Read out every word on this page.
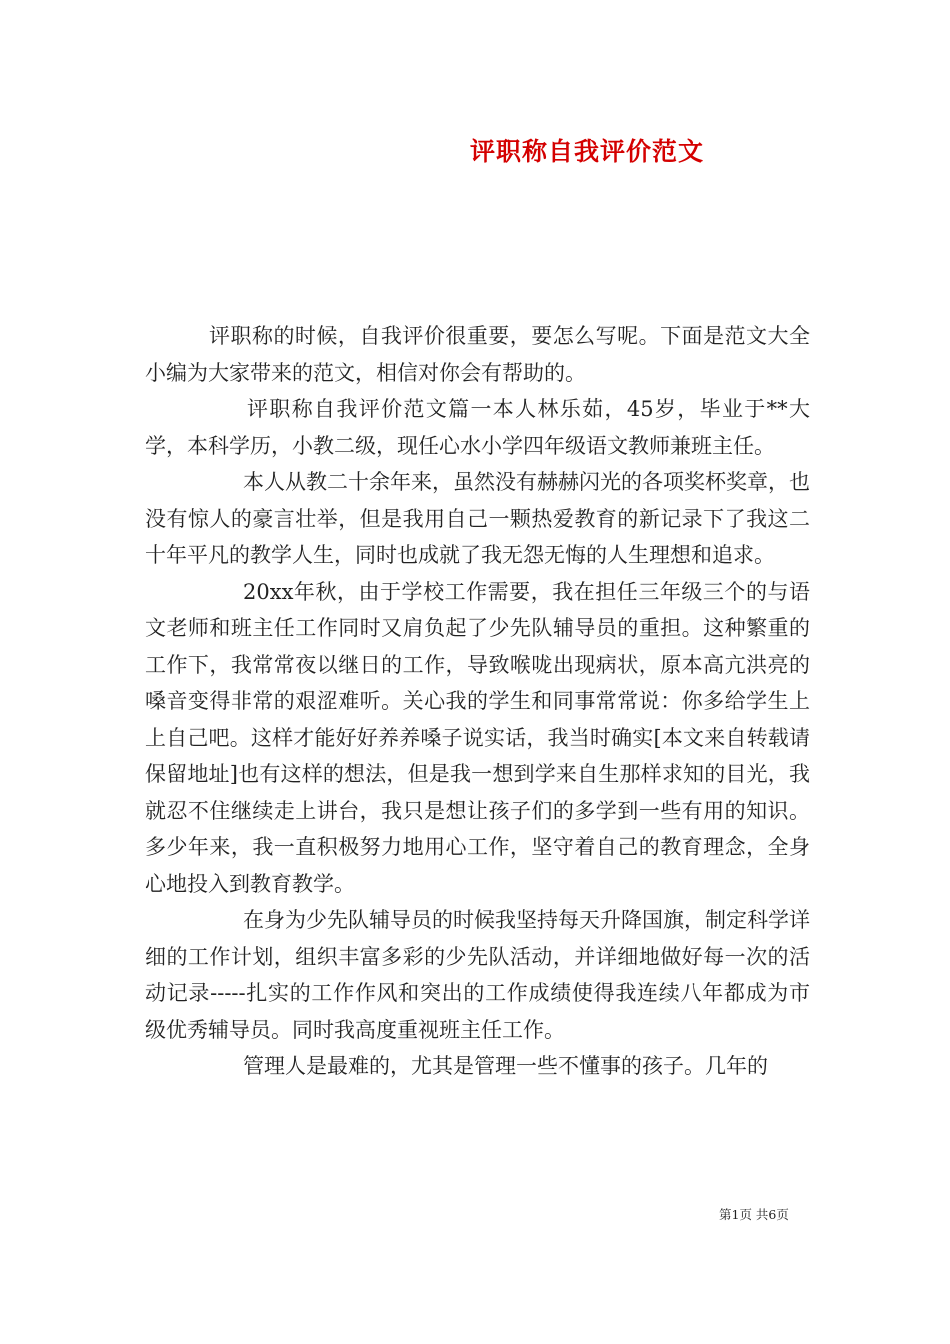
评职称自我评价范文

评职称的时候，自我评价很重要，要怎么写呢。下面是范文大全小编为大家带来的范文，相信对你会有帮助的。

评职称自我评价范文篇一本人林乐茹，45岁，毕业于**大学，本科学历，小教二级，现任心水小学四年级语文教师兼班主任。

本人从教二十余年来，虽然没有赫赫闪光的各项奖杯奖章，也没有惊人的豪言壮举，但是我用自己一颗热爱教育的新记录下了我这二十年平凡的教学人生，同时也成就了我无怨无悔的人生理想和追求。

20xx年秋，由于学校工作需要，我在担任三年级三个的与语文老师和班主任工作同时又肩负起了少先队辅导员的重担。这种繁重的工作下，我常常夜以继日的工作，导致喉咙出现病状，原本高亢洪亮的嗓音变得非常的艰涩难听。关心我的学生和同事常常说：你多给学生上上自己吧。这样才能好好养养嗓子说实话，我当时确实[本文来自转载请保留地址]也有这样的想法，但是我一想到学来自生那样求知的目光，我就忍不住继续走上讲台，我只是想让孩子们的多学到一些有用的知识。多少年来，我一直积极努力地用心工作，坚守着自己的教育理念，全身心地投入到教育教学。

在身为少先队辅导员的时候我坚持每天升降国旗，制定科学详细的工作计划，组织丰富多彩的少先队活动，并详细地做好每一次的活动记录-----扎实的工作作风和突出的工作成绩使得我连续八年都成为市级优秀辅导员。同时我高度重视班主任工作。

管理人是最难的，尤其是管理一些不懂事的孩子。几年的

第1页 共6页
